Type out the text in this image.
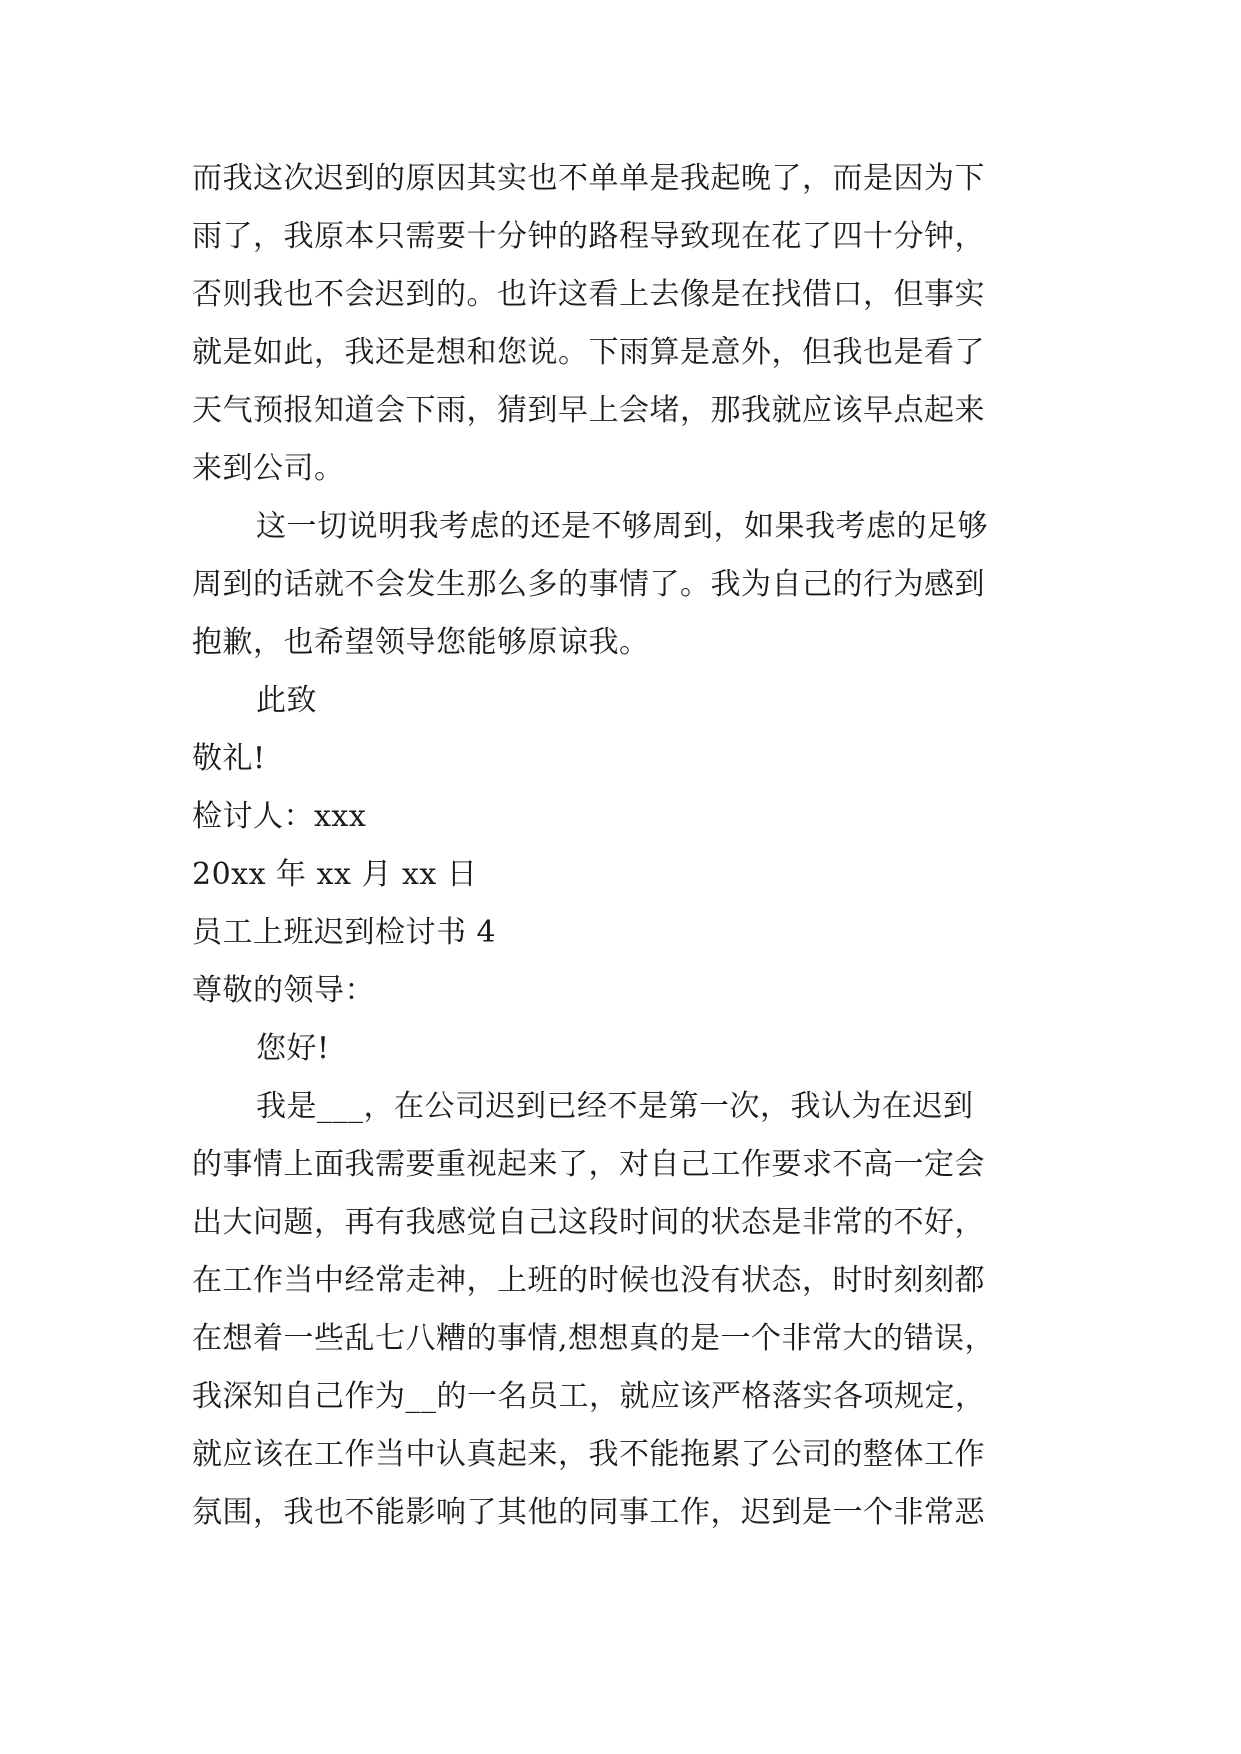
而我这次迟到的原因其实也不单单是我起晚了，而是因为下
雨了，我原本只需要十分钟的路程导致现在花了四十分钟，
否则我也不会迟到的。也许这看上去像是在找借口，但事实
就是如此，我还是想和您说。下雨算是意外，但我也是看了
天气预报知道会下雨，猜到早上会堵，那我就应该早点起来
来到公司。
这一切说明我考虑的还是不够周到，如果我考虑的足够
周到的话就不会发生那么多的事情了。我为自己的行为感到
抱歉，也希望领导您能够原谅我。
此致
敬礼!
检讨人：xxx
20xx 年 xx 月 xx 日
员工上班迟到检讨书 4
尊敬的领导：
您好!
我是___，在公司迟到已经不是第一次，我认为在迟到
的事情上面我需要重视起来了，对自己工作要求不高一定会
出大问题，再有我感觉自己这段时间的状态是非常的不好，
在工作当中经常走神，上班的时候也没有状态，时时刻刻都
在想着一些乱七八糟的事情,想想真的是一个非常大的错误，
我深知自己作为__的一名员工，就应该严格落实各项规定，
就应该在工作当中认真起来，我不能拖累了公司的整体工作
氛围，我也不能影响了其他的同事工作，迟到是一个非常恶
